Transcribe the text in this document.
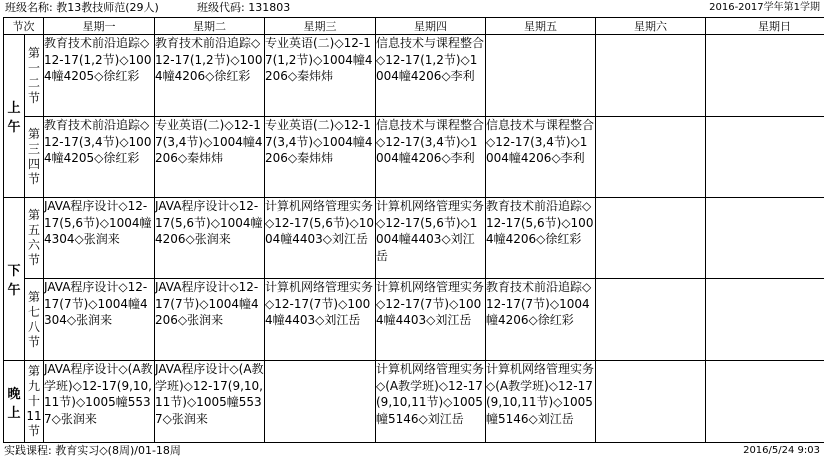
班级名称: 教13教技师范(29人)	班级代码: 131803	2016-2017学年第1学期
节次		星期一	星期二	星期三	星期四	星期五	星期六	星期日
上午	第一二节	教育技术前沿追踪◇12-17(1,2节)◇1004幢4205◇徐红彩	教育技术前沿追踪◇12-17(1,2节)◇1004幢4206◇徐红彩	专业英语(二)◇12-17(1,2节)◇1004幢4206◇秦炜炜	信息技术与课程整合◇12-17(1,2节)◇1004幢4206◇李利			
	第三四节	教育技术前沿追踪◇12-17(3,4节)◇1004幢4205◇徐红彩	专业英语(二)◇12-17(3,4节)◇1004幢4206◇秦炜炜	专业英语(二)◇12-17(3,4节)◇1004幢4206◇秦炜炜	信息技术与课程整合◇12-17(3,4节)◇1004幢4206◇李利	信息技术与课程整合◇12-17(3,4节)◇1004幢4206◇李利		
下午	第五六节	JAVA程序设计◇12-17(5,6节)◇1004幢4304◇张润来	JAVA程序设计◇12-17(5,6节)◇1004幢4206◇张润来	计算机网络管理实务◇12-17(5,6节)◇1004幢4403◇刘江岳	计算机网络管理实务◇12-17(5,6节)◇1004幢4403◇刘江岳	教育技术前沿追踪◇12-17(5,6节)◇1004幢4206◇徐红彩		
	第七八节	JAVA程序设计◇12-17(7节)◇1004幢4304◇张润来	JAVA程序设计◇12-17(7节)◇1004幢4206◇张润来	计算机网络管理实务◇12-17(7节)◇1004幢4403◇刘江岳	计算机网络管理实务◇12-17(7节)◇1004幢4403◇刘江岳	教育技术前沿追踪◇12-17(7节)◇1004幢4206◇徐红彩		
晚上	第九十11节	JAVA程序设计◇(A教学班)◇12-17(9,10,11节)◇1005幢5537◇张润来	JAVA程序设计◇(A教学班)◇12-17(9,10,11节)◇1005幢5537◇张润来		计算机网络管理实务◇(A教学班)◇12-17(9,10,11节)◇1005幢5146◇刘江岳	计算机网络管理实务◇(A教学班)◇12-17(9,10,11节)◇1005幢5146◇刘江岳		
实践课程: 教育实习◇(8周)/01-18周	2016/5/24 9:03
